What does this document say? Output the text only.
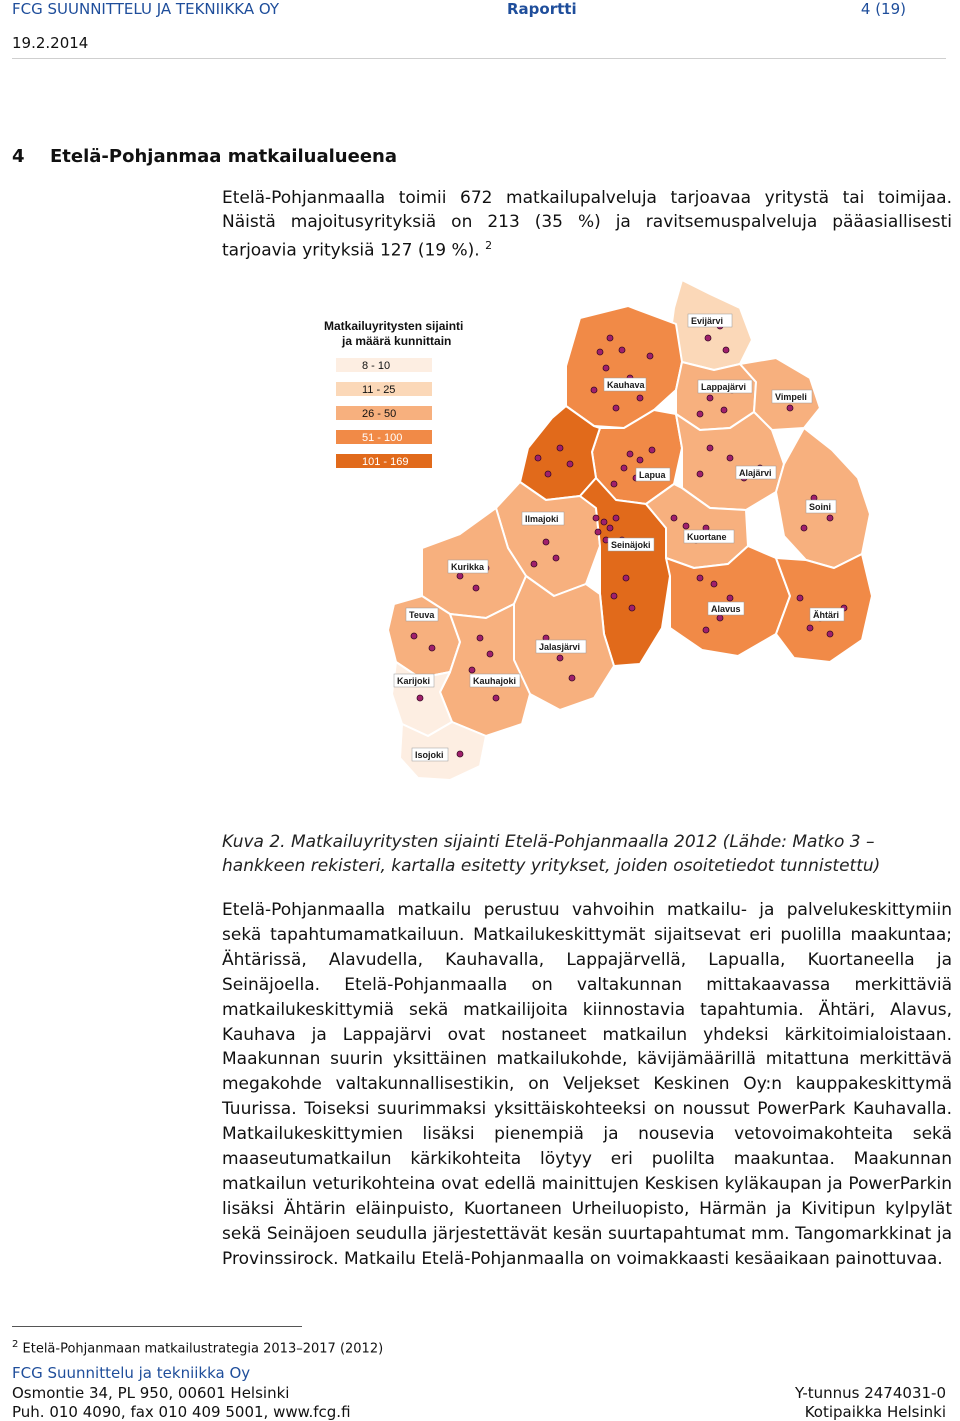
FCG SUUNNITTELU JA TEKNIIKKA OY	Raportti	4 (19)
19.2.2014
4 Etelä-Pohjanmaa matkailualueena
Etelä-Pohjanmaalla toimii 672 matkailupalveluja tarjoavaa yritystä tai toimijaa. Näistä majoitusyrityksiä on 213 (35 %) ja ravitsemuspalveluja pääasiallisesti tarjoavia yrityksiä 127 (19 %). $^2$
Evijärvi
Kauhava	Lappajärvi
Vimpeli
Lapua	Alajärvi
Soini
Ilmajoki
Seinäjoki
Kuortane
Kurikka
Alavus
Teuva	Ähtäri
Jalasjärvi
Karijoki	Kauhajoki
Isojoki
Matkailuyritysten sijainti
ja määrä kunnittain
8 - 10
11 - 25
26 - 50
51 - 100
101 - 169
Kuva 2. Matkailuyritysten sijainti Etelä-Pohjanmaalla 2012 (Lähde: Matko 3 – hankkeen rekisteri, kartalla esitetty yritykset, joiden osoitetiedot tunnistettu)
Etelä-Pohjanmaalla matkailu perustuu vahvoihin matkailu- ja palvelukeskittymiin sekä tapahtumamatkailuun. Matkailukeskittymät sijaitsevat eri puolilla maakuntaa; Ähtärissä, Alavudella, Kauhavalla, Lappajärvellä, Lapualla, Kuortaneella ja Seinäjoella. Etelä-Pohjanmaalla on valtakunnan mittakaavassa merkittäviä matkailukeskittymiä sekä matkailijoita kiinnostavia tapahtumia. Ähtäri, Alavus, Kauhava ja Lappajärvi ovat nostaneet matkailun yhdeksi kärkitoimialoistaan. Maakunnan suurin yksittäinen matkailukohde, kävijämäärillä mitattuna merkittävä megakohde valtakunnallisestikin, on Veljekset Keskinen Oy:n kauppakeskittymä Tuurissa. Toiseksi suurimmaksi yksittäiskohteeksi on noussut PowerPark Kauhavalla. Matkailukeskittymien lisäksi pienempiä ja nousevia vetovoimakohteita sekä maaseutumatkailun kärkikohteita löytyy eri puolilta maakuntaa. Maakunnan matkailun veturikohteina ovat edellä mainittujen Keskisen kyläkaupan ja PowerParkin lisäksi Ähtärin eläinpuisto, Kuortaneen Urheiluopisto, Härmän ja Kivitipun kylpylät sekä Seinäjoen seudulla järjestettävät kesän suurtapahtumat mm. Tangomarkkinat ja Provinssirock. Matkailu Etelä-Pohjanmaalla on voimakkaasti kesäaikaan painottuvaa.
$^2$ Etelä-Pohjanmaan matkailustrategia 2013–2017 (2012)
FCG Suunnittelu ja tekniikka Oy
Osmontie 34, PL 950, 00601 Helsinki	Y-tunnus 2474031-0
Puh. 010 4090, fax 010 409 5001, www.fcg.fi	Kotipaikka Helsinki
